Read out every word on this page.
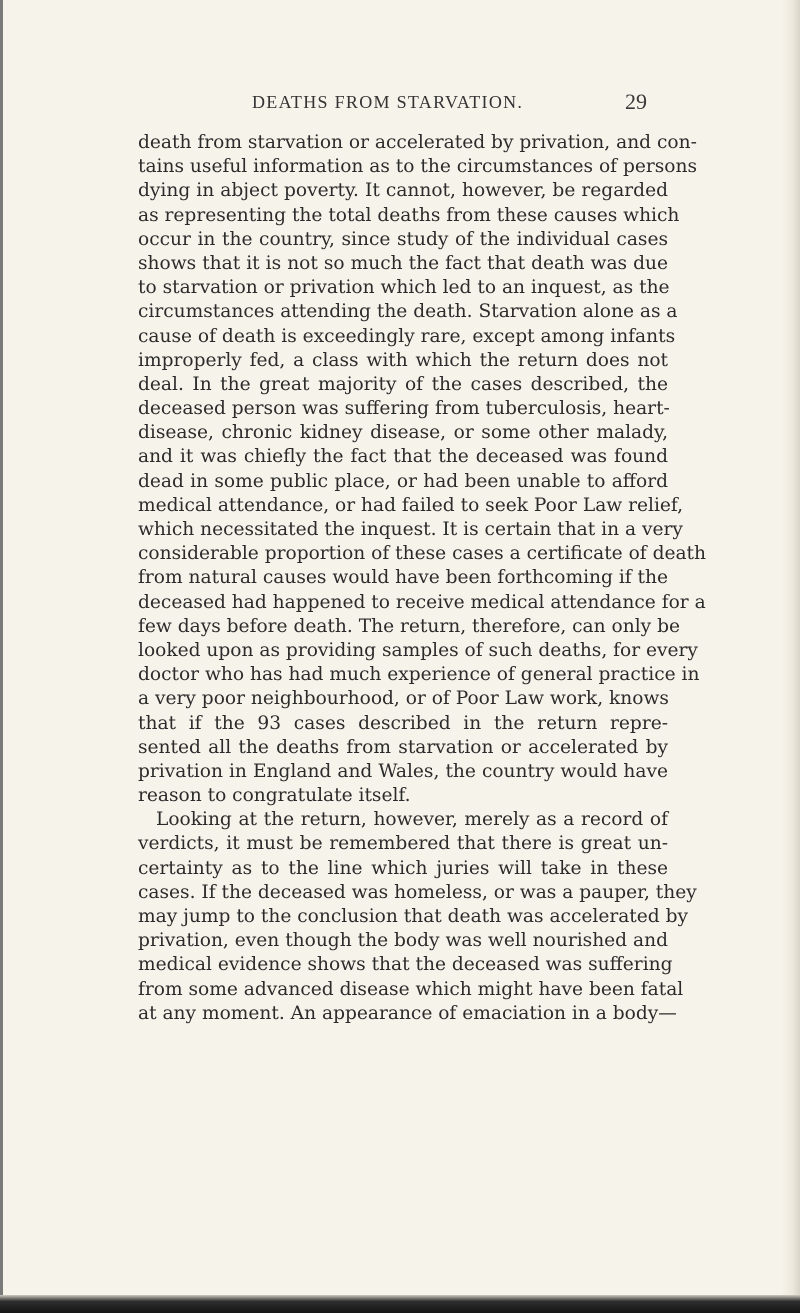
DEATHS FROM STARVATION.	29
death from starvation or accelerated by privation, and con-
tains useful information as to the circumstances of persons
dying in abject poverty. It cannot, however, be regarded
as representing the total deaths from these causes which
occur in the country, since study of the individual cases
shows that it is not so much the fact that death was due
to starvation or privation which led to an inquest, as the
circumstances attending the death. Starvation alone as a
cause of death is exceedingly rare, except among infants
improperly fed, a class with which the return does not
deal. In the great majority of the cases described, the
deceased person was suffering from tuberculosis, heart-
disease, chronic kidney disease, or some other malady,
and it was chiefly the fact that the deceased was found
dead in some public place, or had been unable to afford
medical attendance, or had failed to seek Poor Law relief,
which necessitated the inquest. It is certain that in a very
considerable proportion of these cases a certificate of death
from natural causes would have been forthcoming if the
deceased had happened to receive medical attendance for a
few days before death. The return, therefore, can only be
looked upon as providing samples of such deaths, for every
doctor who has had much experience of general practice in
a very poor neighbourhood, or of Poor Law work, knows
that if the 93 cases described in the return repre-
sented all the deaths from starvation or accelerated by
privation in England and Wales, the country would have
reason to congratulate itself.
Looking at the return, however, merely as a record of
verdicts, it must be remembered that there is great un-
certainty as to the line which juries will take in these
cases. If the deceased was homeless, or was a pauper, they
may jump to the conclusion that death was accelerated by
privation, even though the body was well nourished and
medical evidence shows that the deceased was suffering
from some advanced disease which might have been fatal
at any moment. An appearance of emaciation in a body—
